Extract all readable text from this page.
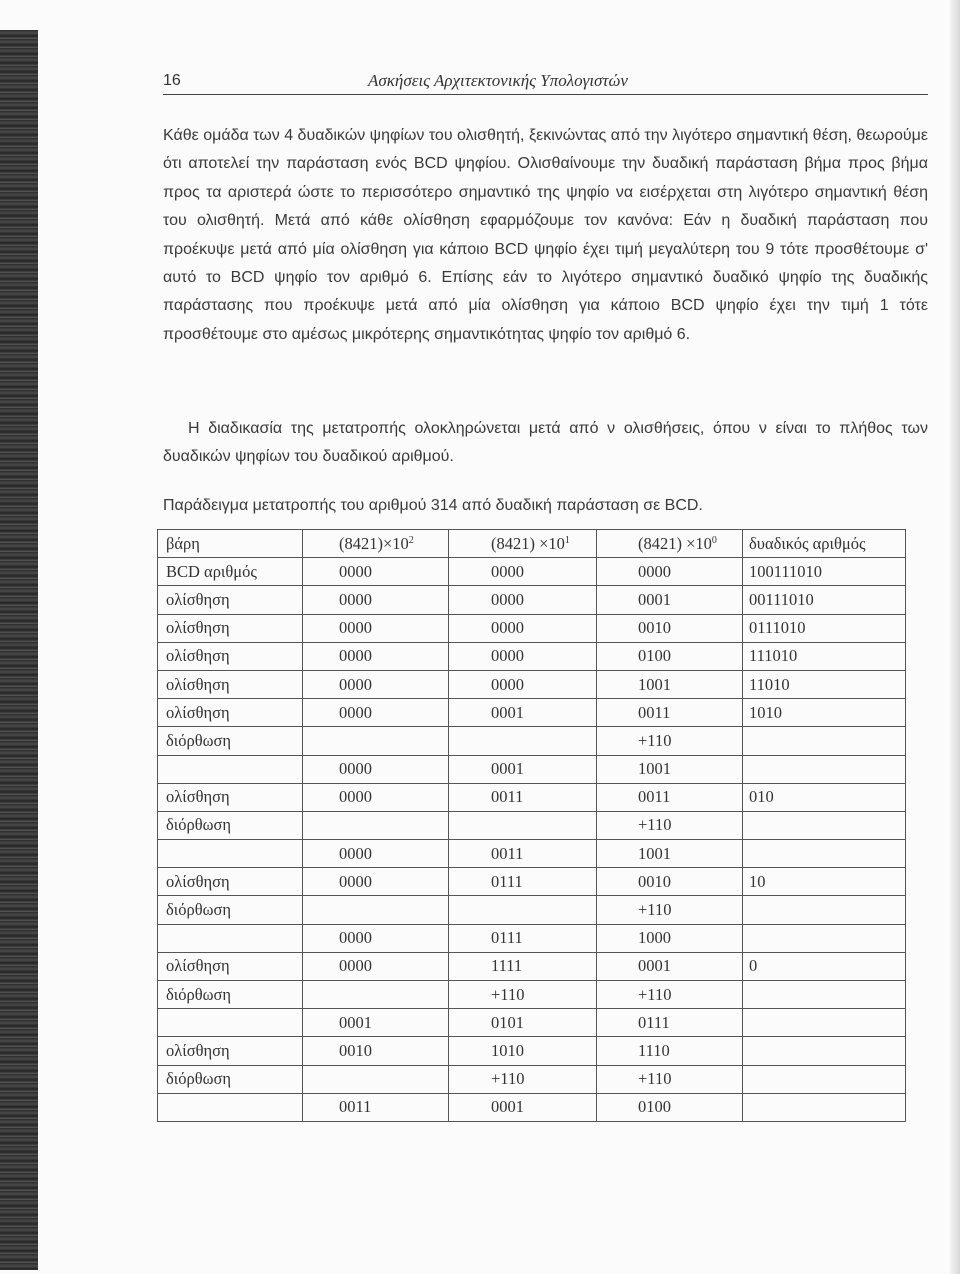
16	Ασκήσεις Αρχιτεκτονικής Υπολογιστών

Κάθε ομάδα των 4 δυαδικών ψηφίων του ολισθητή, ξεκινώντας από την λιγότερο σημαντική θέση, θεωρούμε ότι αποτελεί την παράσταση ενός BCD ψηφίου. Ολισθαίνουμε την δυαδική παράσταση βήμα προς βήμα προς τα αριστερά ώστε το περισσότερο σημαντικό της ψηφίο να εισέρχεται στη λιγότερο σημαντική θέση του ολισθητή. Μετά από κάθε ολίσθηση εφαρμόζουμε τον κανόνα: Εάν η δυαδική παράσταση που προέκυψε μετά από μία ολίσθηση για κάποιο BCD ψηφίο έχει τιμή μεγαλύτερη του 9 τότε προσθέτουμε σ' αυτό το BCD ψηφίο τον αριθμό 6. Επίσης εάν το λιγότερο σημαντικό δυαδικό ψηφίο της δυαδικής παράστασης που προέκυψε μετά από μία ολίσθηση για κάποιο BCD ψηφίο έχει την τιμή 1 τότε προσθέτουμε στο αμέσως μικρότερης σημαντικότητας ψηφίο τον αριθμό 6.

Η διαδικασία της μετατροπής ολοκληρώνεται μετά από ν ολισθήσεις, όπου ν είναι το πλήθος των δυαδικών ψηφίων του δυαδικού αριθμού.

Παράδειγμα μετατροπής του αριθμού 314 από δυαδική παράσταση σε BCD.

βάρη	$(8421)\times 10^2$	$(8421) \times 10^1$	$(8421) \times 10^0$	δυαδικός αριθμός
BCD αριθμός	0000	0000	0000	100111010
ολίσθηση	0000	0000	0001	00111010
ολίσθηση	0000	0000	0010	0111010
ολίσθηση	0000	0000	0100	111010
ολίσθηση	0000	0000	1001	11010
ολίσθηση	0000	0001	0011	1010
διόρθωση			+110	
	0000	0001	1001	
ολίσθηση	0000	0011	0011	010
διόρθωση			+110	
	0000	0011	1001	
ολίσθηση	0000	0111	0010	10
διόρθωση			+110	
	0000	0111	1000	
ολίσθηση	0000	1111	0001	0
διόρθωση		+110	+110	
	0001	0101	0111	
ολίσθηση	0010	1010	1110	
διόρθωση		+110	+110	
	0011	0001	0100	
